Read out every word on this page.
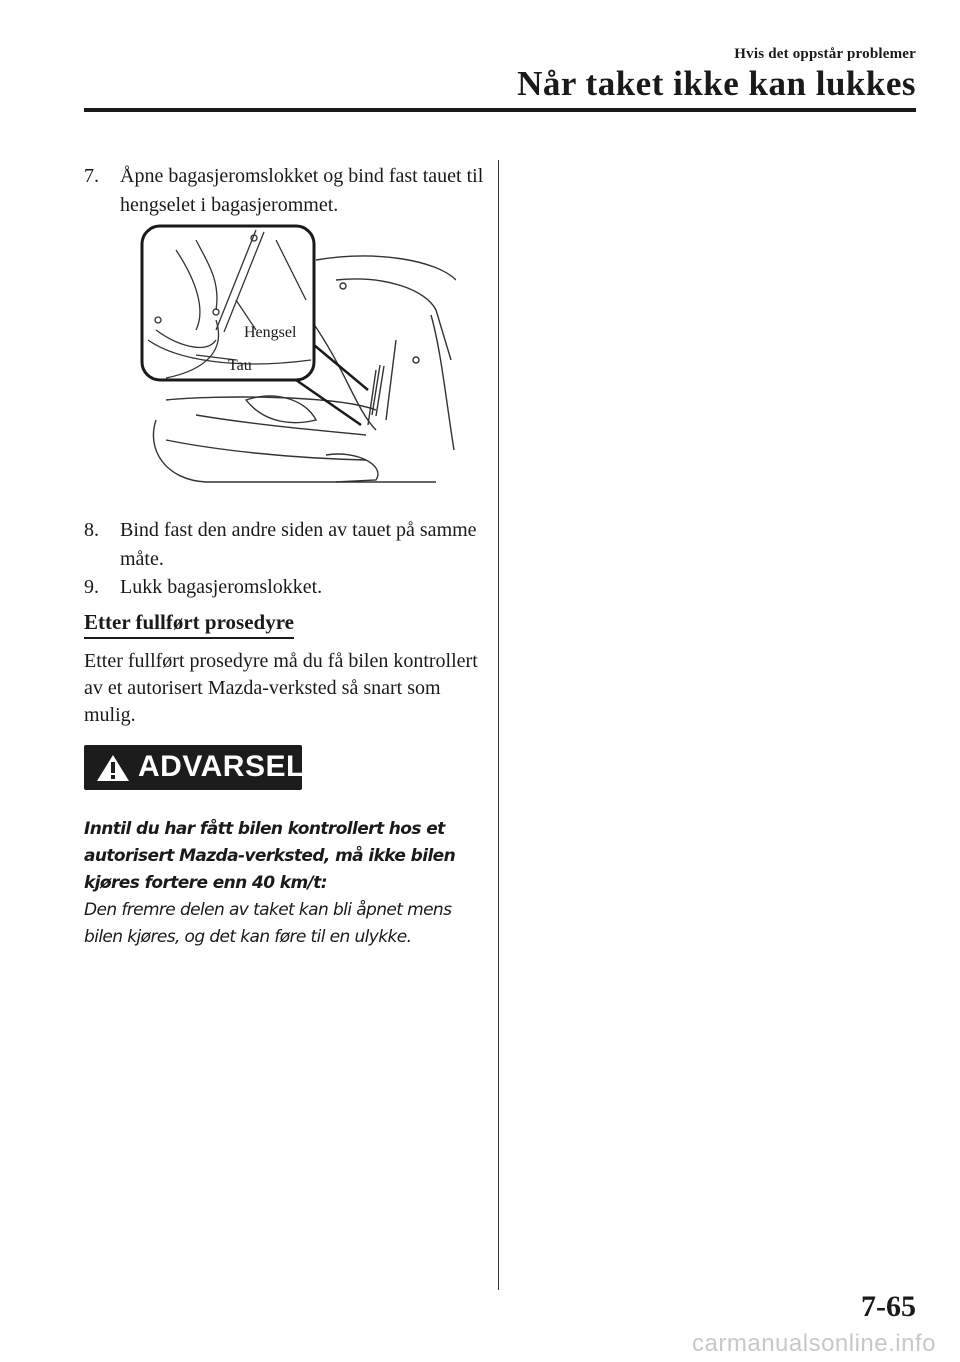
Hvis det oppstår problemer
Når taket ikke kan lukkes
7.	Åpne bagasjeromslokket og bind fast tauet til hengselet i bagasjerommet.
Hengsel
Tau
8.	Bind fast den andre siden av tauet på samme måte.
9.	Lukk bagasjeromslokket.
Etter fullført prosedyre
Etter fullført prosedyre må du få bilen kontrollert av et autorisert Mazda-verksted så snart som mulig.
ADVARSEL
Inntil du har fått bilen kontrollert hos et autorisert Mazda-verksted, må ikke bilen kjøres fortere enn 40 km/t:
Den fremre delen av taket kan bli åpnet mens bilen kjøres, og det kan føre til en ulykke.
7-65
carmanualsonline.info
